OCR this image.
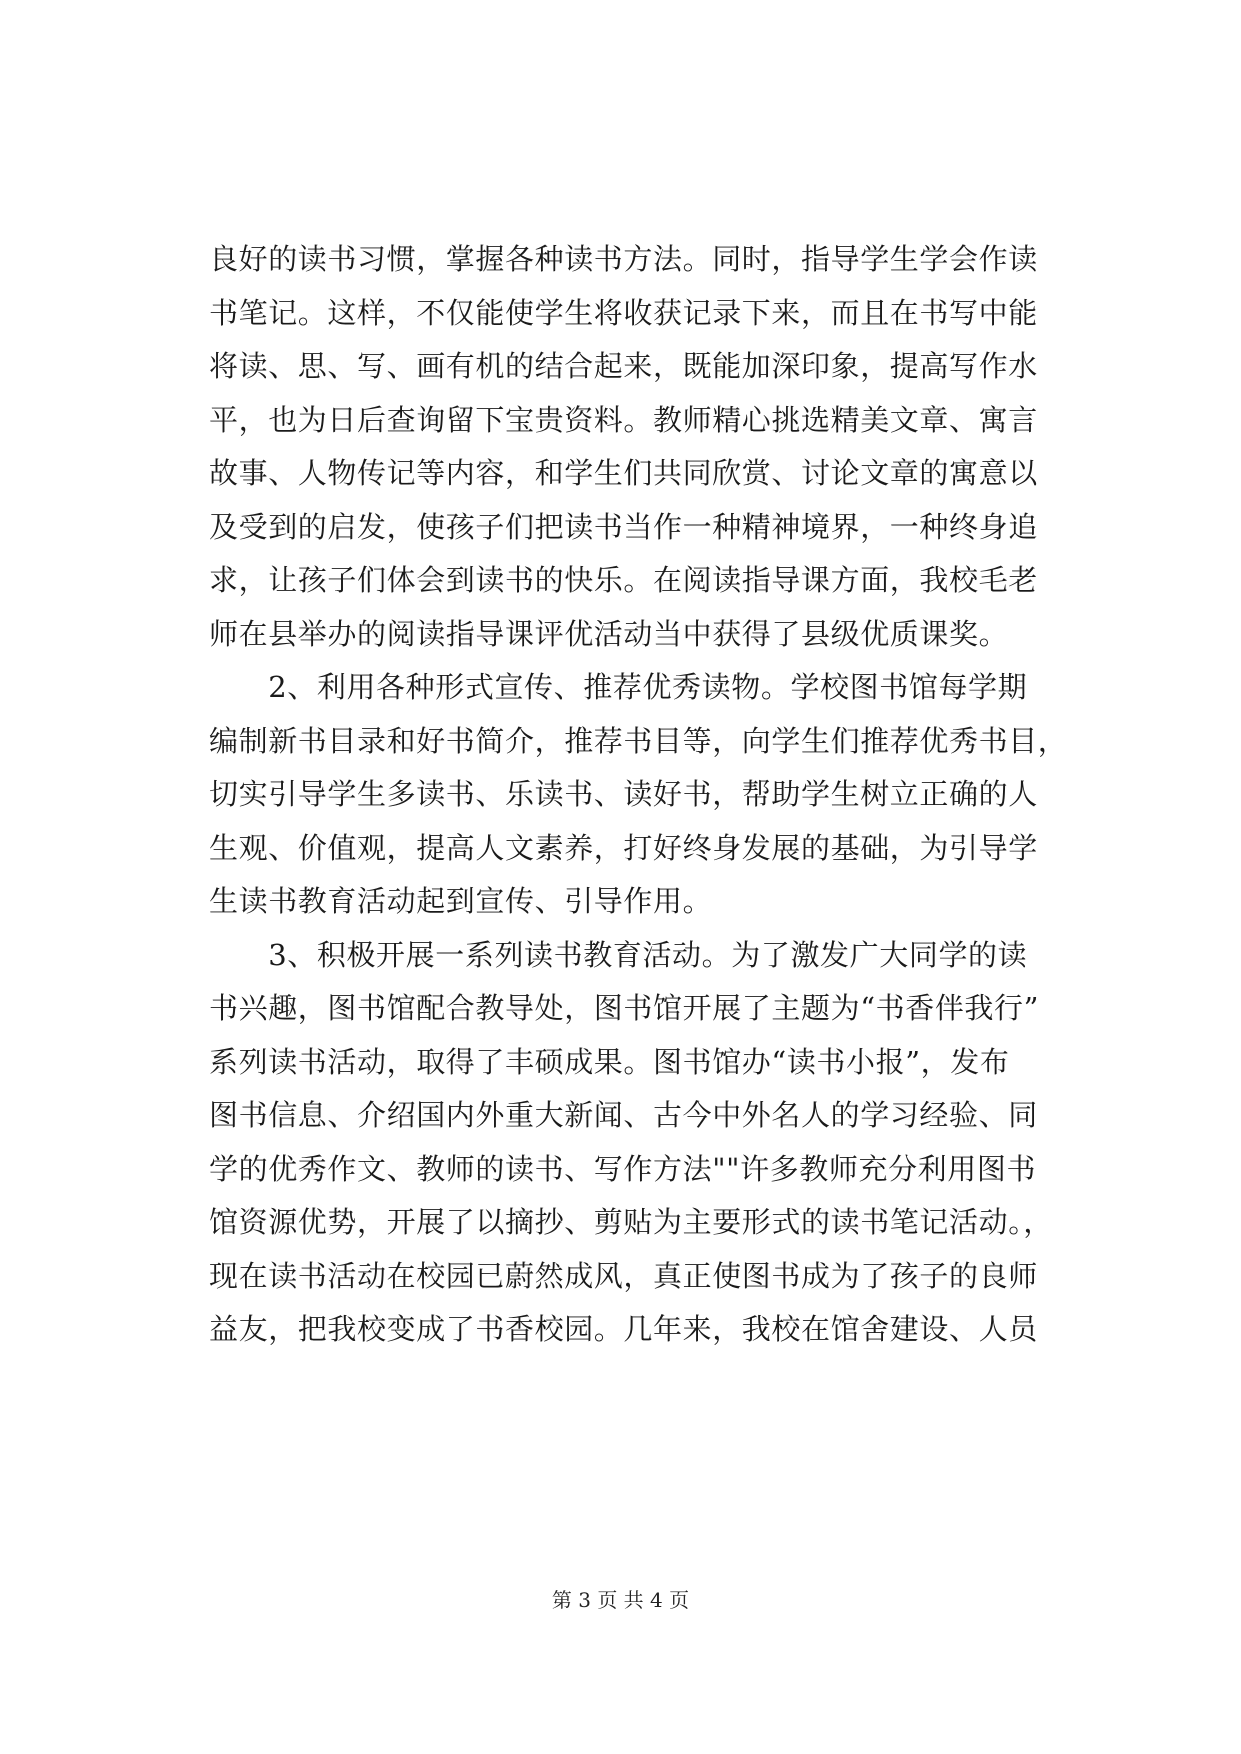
良好的读书习惯，掌握各种读书方法。同时，指导学生学会作读
书笔记。这样，不仅能使学生将收获记录下来，而且在书写中能
将读、思、写、画有机的结合起来，既能加深印象，提高写作水
平，也为日后查询留下宝贵资料。教师精心挑选精美文章、寓言
故事、人物传记等内容，和学生们共同欣赏、讨论文章的寓意以
及受到的启发，使孩子们把读书当作一种精神境界，一种终身追
求，让孩子们体会到读书的快乐。在阅读指导课方面，我校毛老
师在县举办的阅读指导课评优活动当中获得了县级优质课奖。
　　2、利用各种形式宣传、推荐优秀读物。学校图书馆每学期
编制新书目录和好书简介，推荐书目等，向学生们推荐优秀书目，
切实引导学生多读书、乐读书、读好书，帮助学生树立正确的人
生观、价值观，提高人文素养，打好终身发展的基础，为引导学
生读书教育活动起到宣传、引导作用。
　　3、积极开展一系列读书教育活动。为了激发广大同学的读
书兴趣，图书馆配合教导处，图书馆开展了主题为“书香伴我行”
系列读书活动，取得了丰硕成果。图书馆办“读书小报”，发布
图书信息、介绍国内外重大新闻、古今中外名人的学习经验、同
学的优秀作文、教师的读书、写作方法""许多教师充分利用图书
馆资源优势，开展了以摘抄、剪贴为主要形式的读书笔记活动。，
现在读书活动在校园已蔚然成风，真正使图书成为了孩子的良师
益友，把我校变成了书香校园。几年来，我校在馆舍建设、人员
第 3 页 共 4 页
